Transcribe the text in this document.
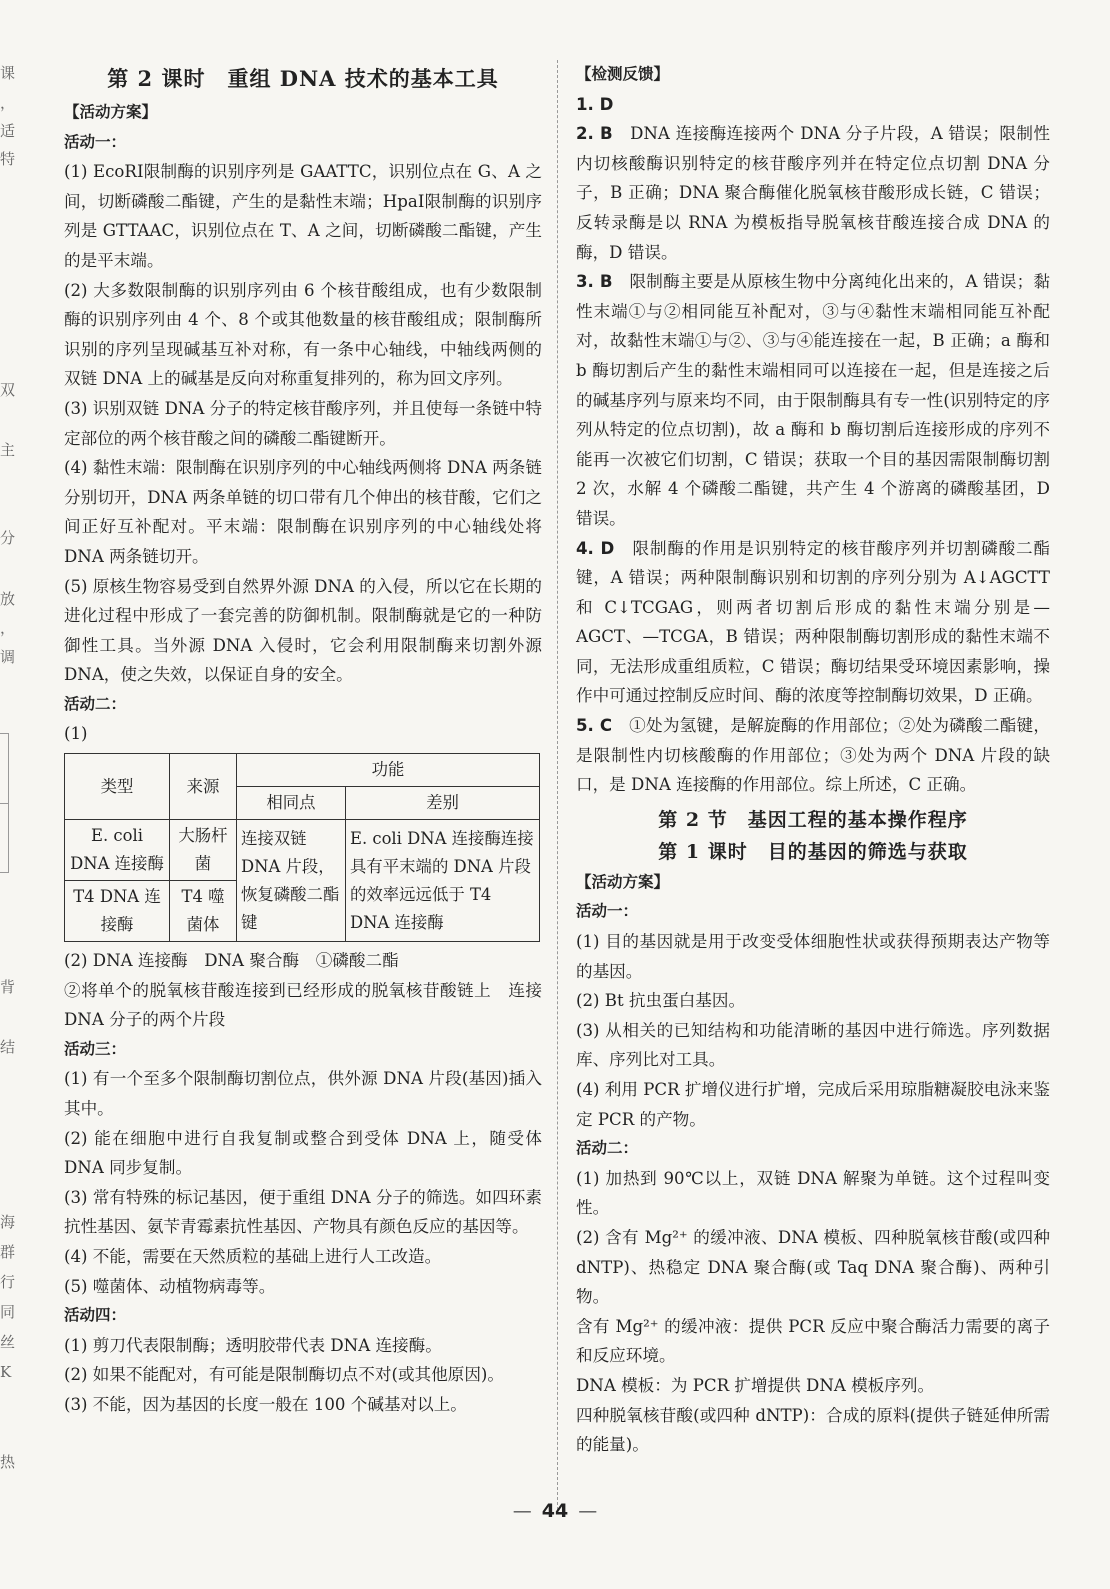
课
，
适
特
双
主
分
放
，
调
背
结
海
群
行
同
丝
K
热
第 2 课时　重组 DNA 技术的基本工具
【活动方案】
活动一：

(1) EcoRⅠ限制酶的识别序列是 GAATTC，识别位点在 G、A 之间，切断磷酸二酯键，产生的是黏性末端；HpaⅠ限制酶的识别序列是 GTTAAC，识别位点在 T、A 之间，切断磷酸二酯键，产生的是平末端。

(2) 大多数限制酶的识别序列由 6 个核苷酸组成，也有少数限制酶的识别序列由 4 个、8 个或其他数量的核苷酸组成；限制酶所识别的序列呈现碱基互补对称，有一条中心轴线，中轴线两侧的双链 DNA 上的碱基是反向对称重复排列的，称为回文序列。

(3) 识别双链 DNA 分子的特定核苷酸序列，并且使每一条链中特定部位的两个核苷酸之间的磷酸二酯键断开。

(4) 黏性末端：限制酶在识别序列的中心轴线两侧将 DNA 两条链分别切开，DNA 两条单链的切口带有几个伸出的核苷酸，它们之间正好互补配对。平末端：限制酶在识别序列的中心轴线处将 DNA 两条链切开。

(5) 原核生物容易受到自然界外源 DNA 的入侵，所以它在长期的进化过程中形成了一套完善的防御机制。限制酶就是它的一种防御性工具。当外源 DNA 入侵时，它会利用限制酶来切割外源 DNA，使之失效，以保证自身的安全。

活动二：

(1)

类型	来源	功能	
		相同点	差别
E. coli DNA 连接酶	大肠杆菌	连接双链 DNA 片段，恢复磷酸二酯键	E. coli DNA 连接酶连接具有平末端的 DNA 片段的效率远远低于 T4 DNA 连接酶
T4 DNA 连接酶	T4 噬菌体		

(2) DNA 连接酶　DNA 聚合酶　①磷酸二酯

②将单个的脱氧核苷酸连接到已经形成的脱氧核苷酸链上　连接 DNA 分子的两个片段

活动三：

(1) 有一个至多个限制酶切割位点，供外源 DNA 片段(基因)插入其中。

(2) 能在细胞中进行自我复制或整合到受体 DNA 上，随受体 DNA 同步复制。

(3) 常有特殊的标记基因，便于重组 DNA 分子的筛选。如四环素抗性基因、氨苄青霉素抗性基因、产物具有颜色反应的基因等。

(4) 不能，需要在天然质粒的基础上进行人工改造。

(5) 噬菌体、动植物病毒等。

活动四：

(1) 剪刀代表限制酶；透明胶带代表 DNA 连接酶。

(2) 如果不能配对，有可能是限制酶切点不对(或其他原因)。

(3) 不能，因为基因的长度一般在 100 个碱基对以上。

【检测反馈】

1. D

2. B　 DNA 连接酶连接两个 DNA 分子片段，A 错误；限制性内切核酸酶识别特定的核苷酸序列并在特定位点切割 DNA 分子，B 正确；DNA 聚合酶催化脱氧核苷酸形成长链，C 错误；反转录酶是以 RNA 为模板指导脱氧核苷酸连接合成 DNA 的酶，D 错误。

3. B　 限制酶主要是从原核生物中分离纯化出来的，A 错误；黏性末端①与②相同能互补配对，③与④黏性末端相同能互补配对，故黏性末端①与②、③与④能连接在一起，B 正确；a 酶和 b 酶切割后产生的黏性末端相同可以连接在一起，但是连接之后的碱基序列与原来均不同，由于限制酶具有专一性(识别特定的序列从特定的位点切割)，故 a 酶和 b 酶切割后连接形成的序列不能再一次被它们切割，C 错误；获取一个目的基因需限制酶切割 2 次，水解 4 个磷酸二酯键，共产生 4 个游离的磷酸基团，D 错误。

4. D　 限制酶的作用是识别特定的核苷酸序列并切割磷酸二酯键，A 错误；两种限制酶识别和切割的序列分别为 A↓AGCTT 和 C↓TCGAG，则两者切割后形成的黏性末端分别是—AGCT、—TCGA，B 错误；两种限制酶切割形成的黏性末端不同，无法形成重组质粒，C 错误；酶切结果受环境因素影响，操作中可通过控制反应时间、酶的浓度等控制酶切效果，D 正确。

5. C　 ①处为氢键，是解旋酶的作用部位；②处为磷酸二酯键，是限制性内切核酸酶的作用部位；③处为两个 DNA 片段的缺口，是 DNA 连接酶的作用部位。综上所述，C 正确。

第 2 节　基因工程的基本操作程序
第 1 课时　目的基因的筛选与获取
【活动方案】
活动一：

(1) 目的基因就是用于改变受体细胞性状或获得预期表达产物等的基因。

(2) Bt 抗虫蛋白基因。

(3) 从相关的已知结构和功能清晰的基因中进行筛选。序列数据库、序列比对工具。

(4) 利用 PCR 扩增仪进行扩增，完成后采用琼脂糖凝胶电泳来鉴定 PCR 的产物。

活动二：

(1) 加热到 90℃以上，双链 DNA 解聚为单链。这个过程叫变性。

(2) 含有 Mg²⁺ 的缓冲液、DNA 模板、四种脱氧核苷酸(或四种 dNTP)、热稳定 DNA 聚合酶(或 Taq DNA 聚合酶)、两种引物。

含有 Mg²⁺ 的缓冲液：提供 PCR 反应中聚合酶活力需要的离子和反应环境。

DNA 模板：为 PCR 扩增提供 DNA 模板序列。

四种脱氧核苷酸(或四种 dNTP)：合成的原料(提供子链延伸所需的能量)。

— 44 —
